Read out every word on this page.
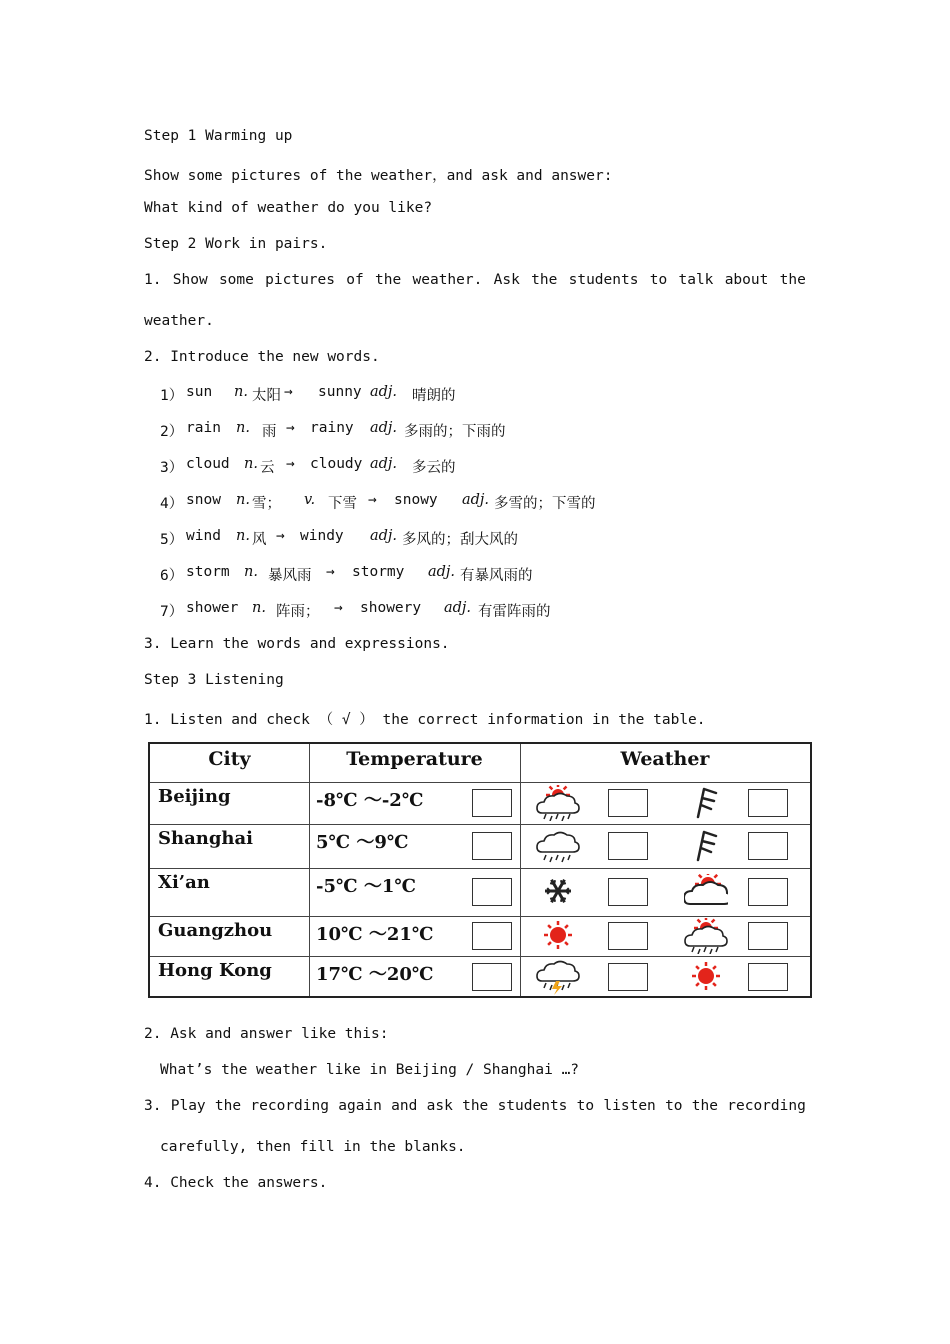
Step 1 Warming up
Show some pictures of the weather，and ask and answer:
What kind of weather do you like?
Step 2 Work in pairs.
1. Show some pictures of the weather. Ask the students to talk about the
weather.
2. Introduce the new words.
1） sun n. 太阳 → sunny adj. 晴朗的
2） rain n. 雨 → rainy adj. 多雨的；下雨的
3） cloud n. 云 → cloudy adj. 多云的
4） snow n. 雪； v. 下雪 → snowy adj. 多雪的；下雪的
5） wind n. 风 → windy adj. 多风的；刮大风的
6） storm n. 暴风雨 → stormy adj. 有暴风雨的
7） shower n. 阵雨； → showery adj. 有雷阵雨的
3. Learn the words and expressions.
Step 3 Listening
1. Listen and check （ √ ） the correct information in the table.
City	Temperature	Weather
Beijing	-8℃ ～-2℃
Shanghai	5℃ ～9℃
Xi’an	-5℃ ～1℃
Guangzhou 10℃ ～21℃
Hong Kong 17℃ ～20℃
2. Ask and answer like this:
What’s the weather like in Beijing / Shanghai …?
3. Play the recording again and ask the students to listen to the recording
carefully, then fill in the blanks.
4. Check the answers.
